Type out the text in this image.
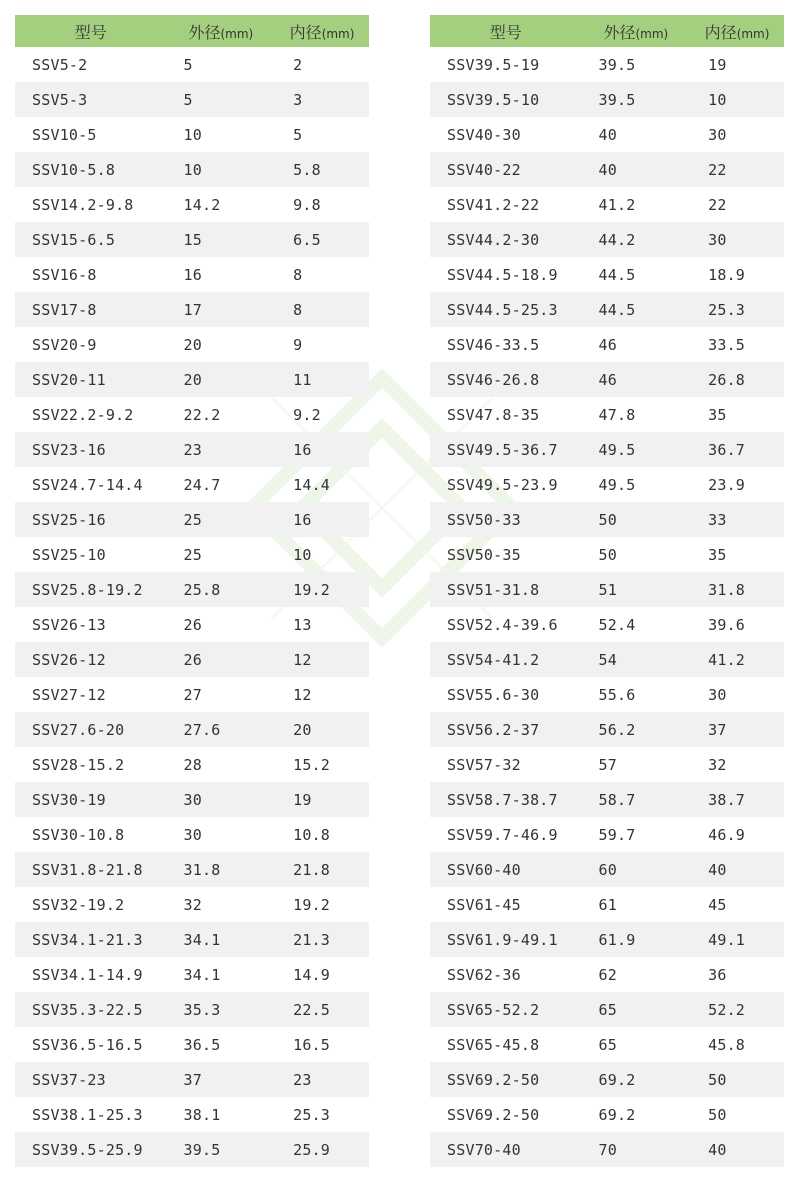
型号	外径(mm)	内径(mm)
SSV5-2	5	2
SSV5-3	5	3
SSV10-5	10	5
SSV10-5.8	10	5.8
SSV14.2-9.8	14.2	9.8
SSV15-6.5	15	6.5
SSV16-8	16	8
SSV17-8	17	8
SSV20-9	20	9
SSV20-11	20	11
SSV22.2-9.2	22.2	9.2
SSV23-16	23	16
SSV24.7-14.4	24.7	14.4
SSV25-16	25	16
SSV25-10	25	10
SSV25.8-19.2	25.8	19.2
SSV26-13	26	13
SSV26-12	26	12
SSV27-12	27	12
SSV27.6-20	27.6	20
SSV28-15.2	28	15.2
SSV30-19	30	19
SSV30-10.8	30	10.8
SSV31.8-21.8	31.8	21.8
SSV32-19.2	32	19.2
SSV34.1-21.3	34.1	21.3
SSV34.1-14.9	34.1	14.9
SSV35.3-22.5	35.3	22.5
SSV36.5-16.5	36.5	16.5
SSV37-23	37	23
SSV38.1-25.3	38.1	25.3
SSV39.5-25.9	39.5	25.9
型号	外径(mm)	内径(mm)
SSV39.5-19	39.5	19
SSV39.5-10	39.5	10
SSV40-30	40	30
SSV40-22	40	22
SSV41.2-22	41.2	22
SSV44.2-30	44.2	30
SSV44.5-18.9	44.5	18.9
SSV44.5-25.3	44.5	25.3
SSV46-33.5	46	33.5
SSV46-26.8	46	26.8
SSV47.8-35	47.8	35
SSV49.5-36.7	49.5	36.7
SSV49.5-23.9	49.5	23.9
SSV50-33	50	33
SSV50-35	50	35
SSV51-31.8	51	31.8
SSV52.4-39.6	52.4	39.6
SSV54-41.2	54	41.2
SSV55.6-30	55.6	30
SSV56.2-37	56.2	37
SSV57-32	57	32
SSV58.7-38.7	58.7	38.7
SSV59.7-46.9	59.7	46.9
SSV60-40	60	40
SSV61-45	61	45
SSV61.9-49.1	61.9	49.1
SSV62-36	62	36
SSV65-52.2	65	52.2
SSV65-45.8	65	45.8
SSV69.2-50	69.2	50
SSV69.2-50	69.2	50
SSV70-40	70	40
